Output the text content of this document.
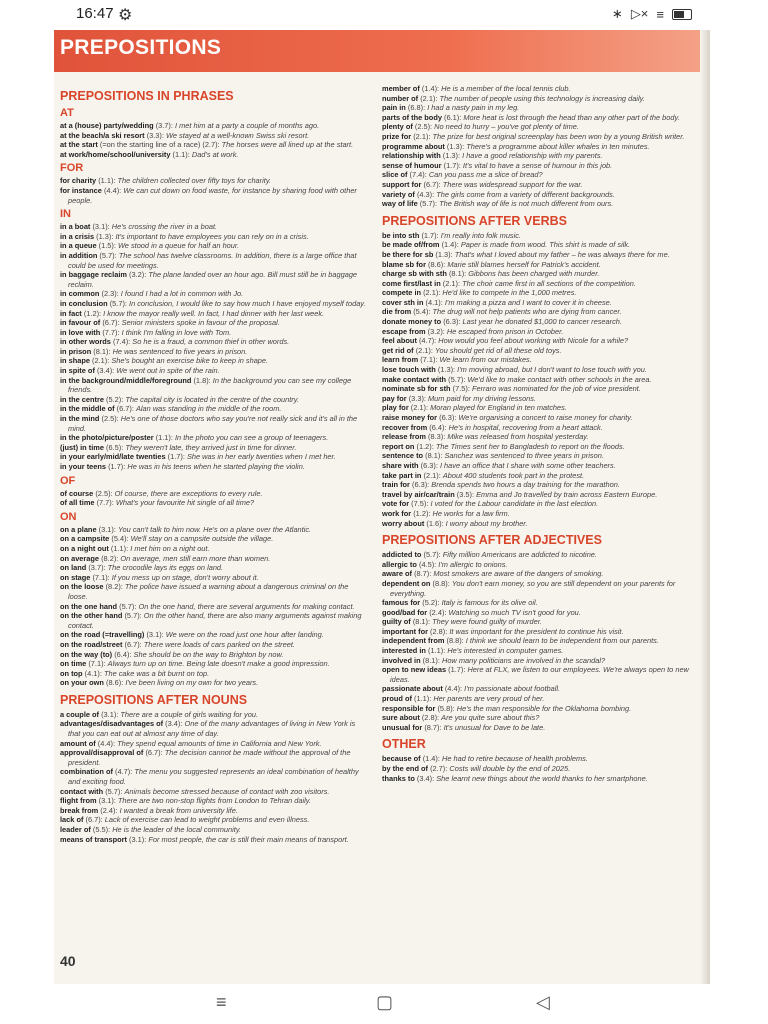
16:47 ⚙	∗ ▷× ≡
PREPOSITIONS
PREPOSITIONS IN PHRASES
AT
at a (house) party/wedding (3.7): I met him at a party a couple of months ago.
at the beach/a ski resort (3.3): We stayed at a well-known Swiss ski resort.
at the start (=on the starting line of a race) (2.7): The horses were all lined up at the start.
at work/home/school/university (1.1): Dad's at work.
FOR
for charity (1.1): The children collected over fifty toys for charity.
for instance (4.4): We can cut down on food waste, for instance by sharing food with other people.
IN
in a boat (3.1): He's crossing the river in a boat.
in a crisis (1.3): It's important to have employees you can rely on in a crisis.
in a queue (1.5): We stood in a queue for half an hour.
in addition (5.7): The school has twelve classrooms. In addition, there is a large office that could be used for meetings.
in baggage reclaim (3.2): The plane landed over an hour ago. Bill must still be in baggage reclaim.
in common (2.3): I found I had a lot in common with Jo.
in conclusion (5.7): In conclusion, I would like to say how much I have enjoyed myself today.
in fact (1.2): I know the mayor really well. In fact, I had dinner with her last week.
in favour of (6.7): Senior ministers spoke in favour of the proposal.
in love with (7.7): I think I'm falling in love with Tom.
in other words (7.4): So he is a fraud, a common thief in other words.
in prison (8.1): He was sentenced to five years in prison.
in shape (2.1): She's bought an exercise bike to keep in shape.
in spite of (3.4): We went out in spite of the rain.
in the background/middle/foreground (1.8): In the background you can see my college friends.
in the centre (5.2): The capital city is located in the centre of the country.
in the middle of (6.7): Alan was standing in the middle of the room.
in the mind (2.5): He's one of those doctors who say you're not really sick and it's all in the mind.
in the photo/picture/poster (1.1): In the photo you can see a group of teenagers.
(just) in time (6.5): They weren't late, they arrived just in time for dinner.
in your early/mid/late twenties (1.7): She was in her early twenties when I met her.
in your teens (1.7): He was in his teens when he started playing the violin.
OF
of course (2.5): Of course, there are exceptions to every rule.
of all time (7.7): What's your favourite hit single of all time?
ON
on a plane (3.1): You can't talk to him now. He's on a plane over the Atlantic.
on a campsite (5.4): We'll stay on a campsite outside the village.
on a night out (1.1): I met him on a night out.
on average (8.2): On average, men still earn more than women.
on land (3.7): The crocodile lays its eggs on land.
on stage (7.1): If you mess up on stage, don't worry about it.
on the loose (8.2): The police have issued a warning about a dangerous criminal on the loose.
on the one hand (5.7): On the one hand, there are several arguments for making contact.
on the other hand (5.7): On the other hand, there are also many arguments against making contact.
on the road (=travelling) (3.1): We were on the road just one hour after landing.
on the road/street (6.7): There were loads of cars parked on the street.
on the way (to) (6.4): She should be on the way to Brighton by now.
on time (7.1): Always turn up on time. Being late doesn't make a good impression.
on top (4.1): The cake was a bit burnt on top.
on your own (8.6): I've been living on my own for two years.
PREPOSITIONS AFTER NOUNS
a couple of (3.1): There are a couple of girls waiting for you.
advantages/disadvantages of (3.4): One of the many advantages of living in New York is that you can eat out at almost any time of day.
amount of (4.4): They spend equal amounts of time in California and New York.
approval/disapproval of (6.7): The decision cannot be made without the approval of the president.
combination of (4.7): The menu you suggested represents an ideal combination of healthy and exciting food.
contact with (5.7): Animals become stressed because of contact with zoo visitors.
flight from (3.1): There are two non-stop flights from London to Tehran daily.
break from (2.4): I wanted a break from university life.
lack of (6.7): Lack of exercise can lead to weight problems and even illness.
leader of (5.5): He is the leader of the local community.
means of transport (3.1): For most people, the car is still their main means of transport.
member of (1.4): He is a member of the local tennis club.
number of (2.1): The number of people using this technology is increasing daily.
pain in (6.8): I had a nasty pain in my leg.
parts of the body (6.1): More heat is lost through the head than any other part of the body.
plenty of (2.5): No need to hurry – you've got plenty of time.
prize for (2.1): The prize for best original screenplay has been won by a young British writer.
programme about (1.3): There's a programme about killer whales in ten minutes.
relationship with (1.3): I have a good relationship with my parents.
sense of humour (1.7): It's vital to have a sense of humour in this job.
slice of (7.4): Can you pass me a slice of bread?
support for (6.7): There was widespread support for the war.
variety of (4.3): The girls come from a variety of different backgrounds.
way of life (5.7): The British way of life is not much different from ours.
PREPOSITIONS AFTER VERBS
be into sth (1.7): I'm really into folk music.
be made of/from (1.4): Paper is made from wood. This shirt is made of silk.
be there for sb (1.3): That's what I loved about my father – he was always there for me.
blame sb for (8.6): Marie still blames herself for Patrick's accident.
charge sb with sth (8.1): Gibbons has been charged with murder.
come first/last in (2.1): The choir came first in all sections of the competition.
compete in (2.1): He'd like to compete in the 1,000 metres.
cover sth in (4.1): I'm making a pizza and I want to cover it in cheese.
die from (5.4): The drug will not help patients who are dying from cancer.
donate money to (6.3): Last year he donated $1,000 to cancer research.
escape from (3.2): He escaped from prison in October.
feel about (4.7): How would you feel about working with Nicole for a while?
get rid of (2.1): You should get rid of all these old toys.
learn from (7.1): We learn from our mistakes.
lose touch with (1.3): I'm moving abroad, but I don't want to lose touch with you.
make contact with (5.7): We'd like to make contact with other schools in the area.
nominate sb for sth (7.5): Ferraro was nominated for the job of vice president.
pay for (3.3): Mum paid for my driving lessons.
play for (2.1): Moran played for England in ten matches.
raise money for (6.3): We're organising a concert to raise money for charity.
recover from (6.4): He's in hospital, recovering from a heart attack.
release from (8.3): Mike was released from hospital yesterday.
report on (1.2): The Times sent her to Bangladesh to report on the floods.
sentence to (8.1): Sanchez was sentenced to three years in prison.
share with (6.3): I have an office that I share with some other teachers.
take part in (2.1): About 400 students took part in the protest.
train for (6.3): Brenda spends two hours a day training for the marathon.
travel by air/car/train (3.5): Emma and Jo travelled by train across Eastern Europe.
vote for (7.5): I voted for the Labour candidate in the last election.
work for (1.2): He works for a law firm.
worry about (1.6): I worry about my brother.
PREPOSITIONS AFTER ADJECTIVES
addicted to (5.7): Fifty million Americans are addicted to nicotine.
allergic to (4.5): I'm allergic to onions.
aware of (8.7): Most smokers are aware of the dangers of smoking.
dependent on (8.8): You don't earn money, so you are still dependent on your parents for everything.
famous for (5.2): Italy is famous for its olive oil.
good/bad for (2.4): Watching so much TV isn't good for you.
guilty of (8.1): They were found guilty of murder.
important for (2.8): It was important for the president to continue his visit.
independent from (8.8): I think we should learn to be independent from our parents.
interested in (1.1): He's interested in computer games.
involved in (8.1): How many politicians are involved in the scandal?
open to new ideas (1.7): Here at FLX, we listen to our employees. We're always open to new ideas.
passionate about (4.4): I'm passionate about football.
proud of (1.1): Her parents are very proud of her.
responsible for (5.8): He's the man responsible for the Oklahoma bombing.
sure about (2.8): Are you quite sure about this?
unusual for (8.7): It's unusual for Dave to be late.
OTHER
because of (1.4): He had to retire because of health problems.
by the end of (2.7): Costs will double by the end of 2025.
thanks to (3.4): She learnt new things about the world thanks to her smartphone.
40
≡	▢	◁
